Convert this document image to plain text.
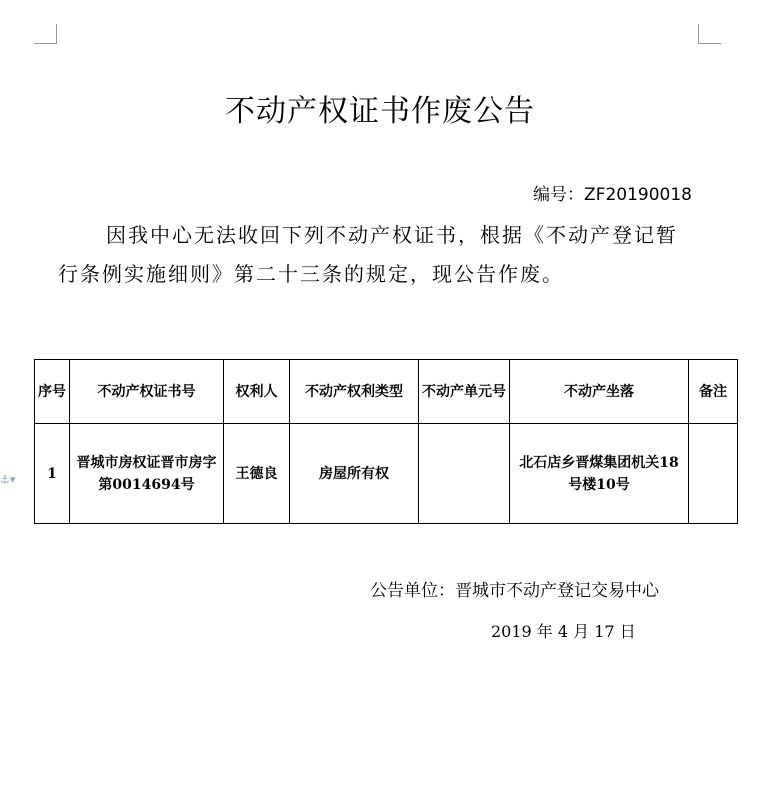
不动产权证书作废公告
编号：ZF20190018
因我中心无法收回下列不动产权证书，根据《不动产登记暂行条例实施细则》第二十三条的规定，现公告作废。
⚓▾
序号	不动产权证书号	权利人	不动产权利类型	不动产单元号	不动产坐落	备注
1	晋城市房权证晋市房字第0014694号	王德良	房屋所有权		北石店乡晋煤集团机关18号楼10号	
公告单位：晋城市不动产登记交易中心
2019 年 4 月 17 日
